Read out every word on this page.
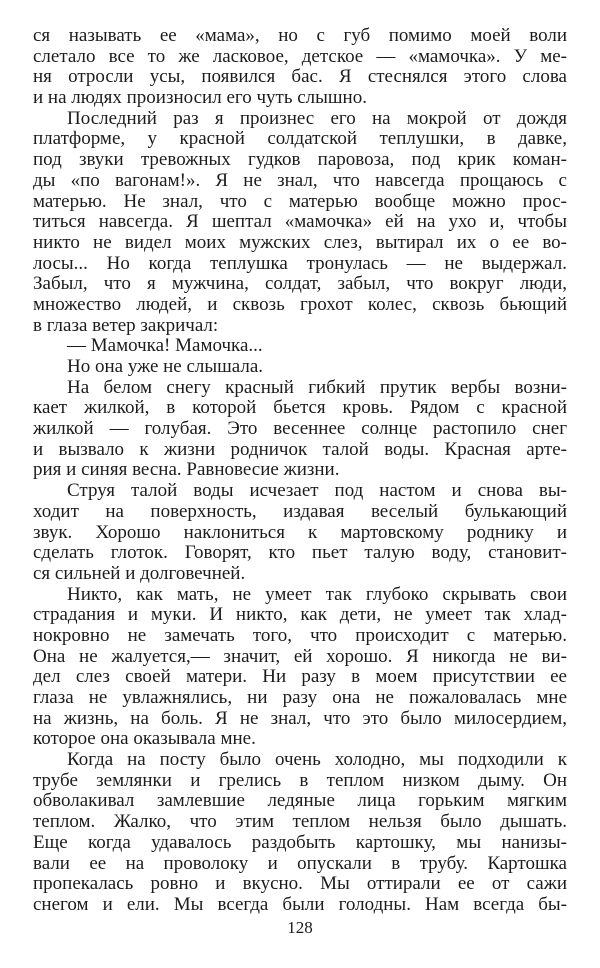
ся называть ее «мама», но с губ помимо моей воли
слетало все то же ласковое, детское — «мамочка». У ме-
ня отросли усы, появился бас. Я стеснялся этого слова
и на людях произносил его чуть слышно.
Последний раз я произнес его на мокрой от дождя
платформе, у красной солдатской теплушки, в давке,
под звуки тревожных гудков паровоза, под крик коман-
ды «по вагонам!». Я не знал, что навсегда прощаюсь с
матерью. Не знал, что с матерью вообще можно прос-
титься навсегда. Я шептал «мамочка» ей на ухо и, чтобы
никто не видел моих мужских слез, вытирал их о ее во-
лосы... Но когда теплушка тронулась — не выдержал.
Забыл, что я мужчина, солдат, забыл, что вокруг люди,
множество людей, и сквозь грохот колес, сквозь бьющий
в глаза ветер закричал:
— Мамочка! Мамочка...
Но она уже не слышала.
На белом снегу красный гибкий прутик вербы возни-
кает жилкой, в которой бьется кровь. Рядом с красной
жилкой — голубая. Это весеннее солнце растопило снег
и вызвало к жизни родничок талой воды. Красная арте-
рия и синяя весна. Равновесие жизни.
Струя талой воды исчезает под настом и снова вы-
ходит на поверхность, издавая веселый булькающий
звук. Хорошо наклониться к мартовскому роднику и
сделать глоток. Говорят, кто пьет талую воду, становит-
ся сильней и долговечней.
Никто, как мать, не умеет так глубоко скрывать свои
страдания и муки. И никто, как дети, не умеет так хлад-
нокровно не замечать того, что происходит с матерью.
Она не жалуется,— значит, ей хорошо. Я никогда не ви-
дел слез своей матери. Ни разу в моем присутствии ее
глаза не увлажнялись, ни разу она не пожаловалась мне
на жизнь, на боль. Я не знал, что это было милосердием,
которое она оказывала мне.
Когда на посту было очень холодно, мы подходили к
трубе землянки и грелись в теплом низком дыму. Он
обволакивал замлевшие ледяные лица горьким мягким
теплом. Жалко, что этим теплом нельзя было дышать.
Еще когда удавалось раздобыть картошку, мы нанизы-
вали ее на проволоку и опускали в трубу. Картошка
пропекалась ровно и вкусно. Мы оттирали ее от сажи
снегом и ели. Мы всегда были голодны. Нам всегда бы-
128
